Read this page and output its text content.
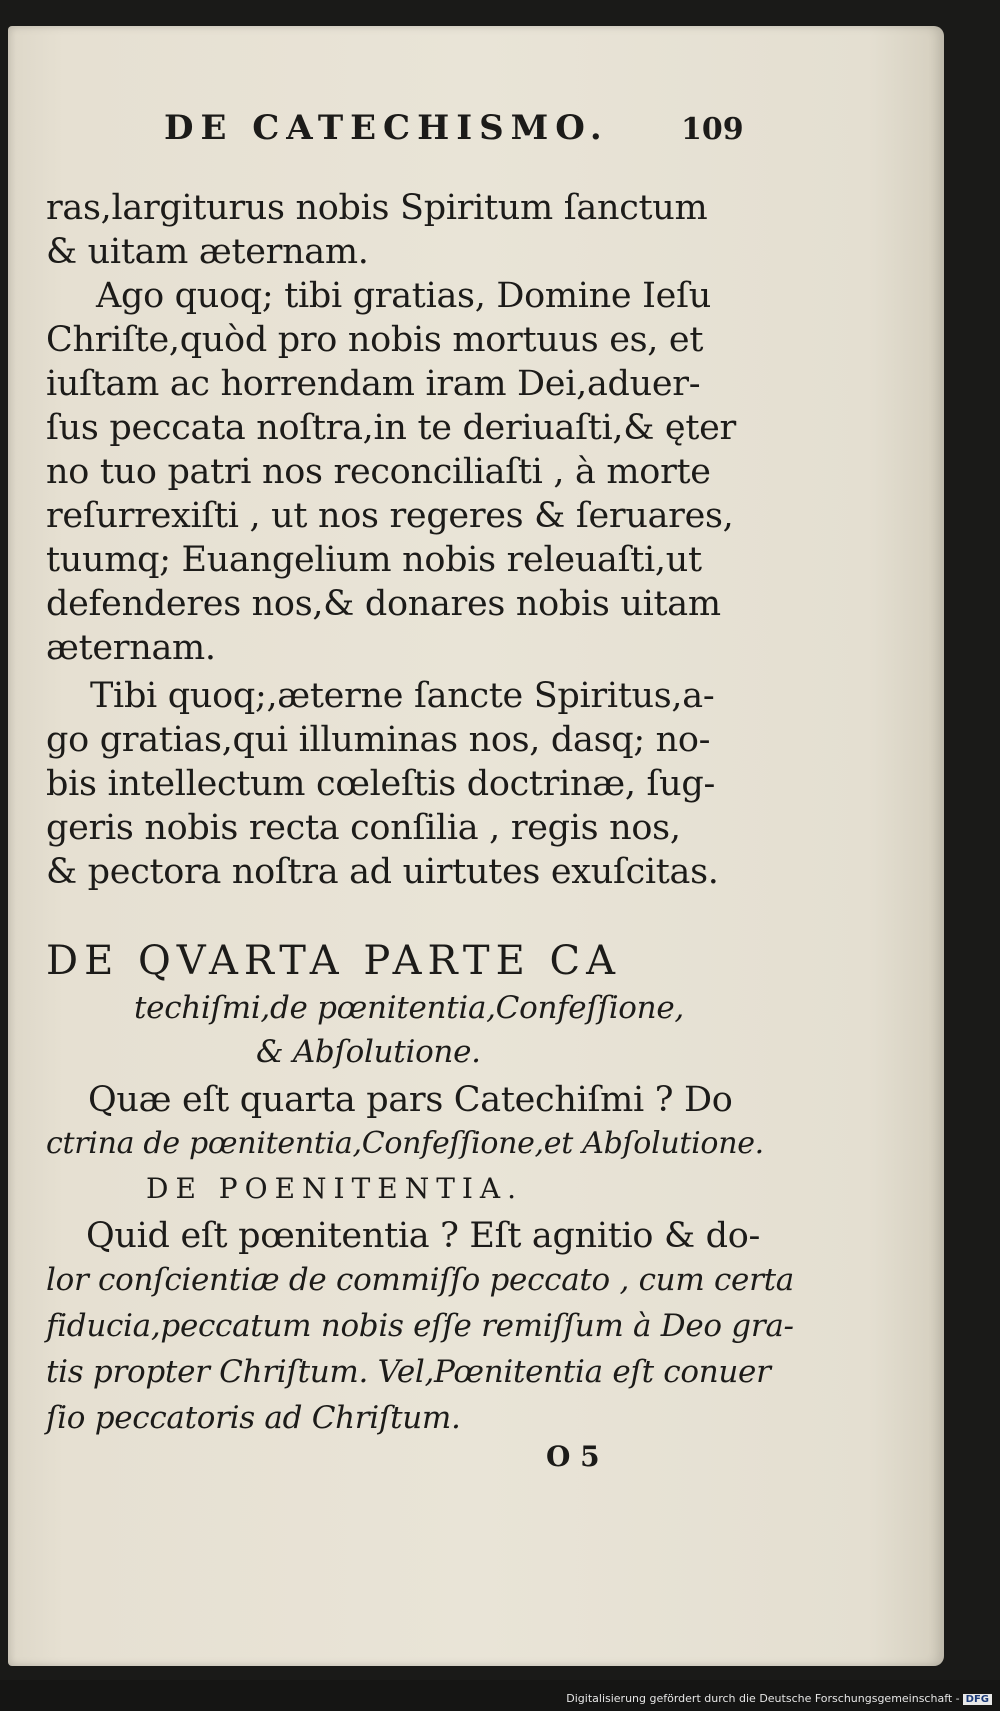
DE CATECHISMO. 109
ras,largiturus nobis Spiritum ſanctum
& uitam æternam.
Ago quoq; tibi gratias, Domine Ieſu
Chriſte,quòd pro nobis mortuus es, et
iuſtam ac horrendam iram Dei,aduer-
ſus peccata noſtra,in te deriuaſti,& ęter
no tuo patri nos reconciliaſti , à morte
reſurrexiſti , ut nos regeres & ſeruares,
tuumq; Euangelium nobis releuaſti,ut
defenderes nos,& donares nobis uitam
æternam.
Tibi quoq;,æterne ſancte Spiritus,a-
go gratias,qui illuminas nos, dasq; no-
bis intellectum cœleſtis doctrinæ, ſug-
geris nobis recta conſilia , regis nos,
& pectora noſtra ad uirtutes exuſcitas.
DE QVARTA PARTE CA
techiſmi,de pœnitentia,Confeſſione,
& Abſolutione.
Quæ eſt quarta pars Catechiſmi ? Do
ctrina de pœnitentia,Confeſſione,et Abſolutione.
DE POENITENTIA.
Quid eſt pœnitentia ? Eſt agnitio & do-
lor conſcientiæ de commiſſo peccato , cum certa
fiducia,peccatum nobis eſſe remiſſum à Deo gra-
tis propter Chriſtum. Vel,Pœnitentia eſt conuer
ſio peccatoris ad Chriſtum.
O 5
Digitalisierung gefördert durch die Deutsche Forschungsgemeinschaft - DFG
